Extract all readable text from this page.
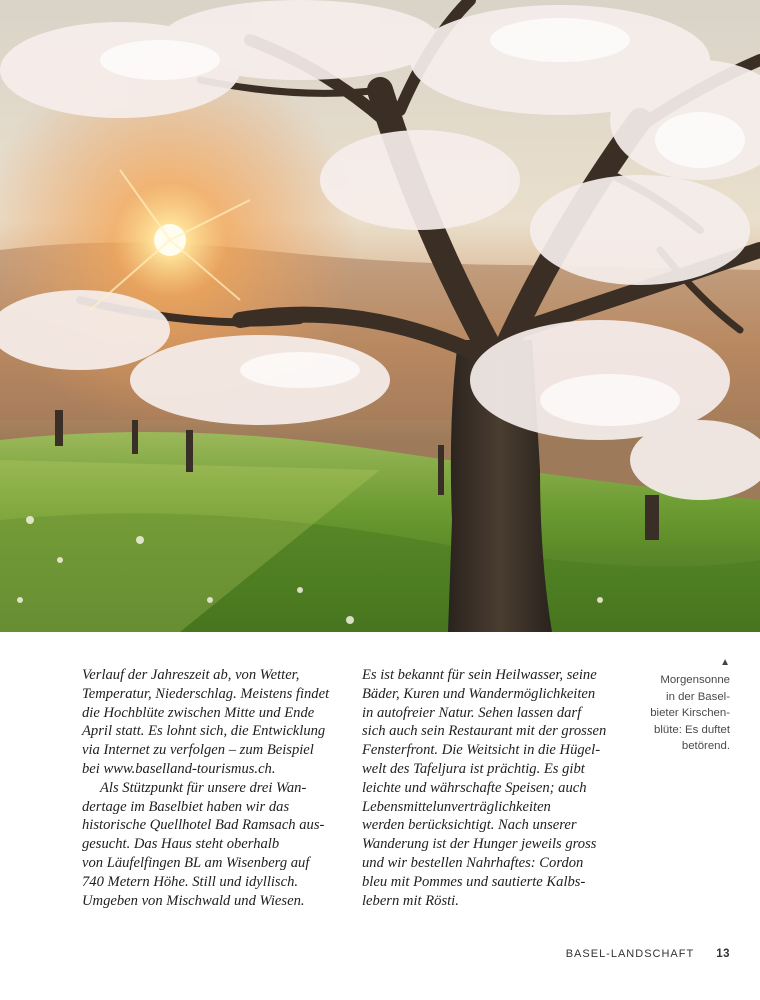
Verlauf der Jahreszeit ab, von Wetter,
Temperatur, Niederschlag. Meistens findet
die Hochblüte zwischen Mitte und Ende
April statt. Es lohnt sich, die Entwicklung
via Internet zu verfolgen – zum Beispiel
bei www.baselland-tourismus.ch.

Als Stützpunkt für unsere drei Wan-
dertage im Baselbiet haben wir das
historische Quellhotel Bad Ramsach aus-
gesucht. Das Haus steht oberhalb
von Läufelfingen BL am Wisenberg auf
740 Metern Höhe. Still und idyllisch.
Umgeben von Mischwald und Wiesen.

Es ist bekannt für sein Heilwasser, seine
Bäder, Kuren und Wandermöglichkeiten
in autofreier Natur. Sehen lassen darf
sich auch sein Restaurant mit der grossen
Fensterfront. Die Weitsicht in die Hügel-
welt des Tafeljura ist prächtig. Es gibt
leichte und währschafte Speisen; auch
Lebensmittelunverträglichkeiten
werden berücksichtigt. Nach unserer
Wanderung ist der Hunger jeweils gross
und wir bestellen Nahrhaftes: Cordon
bleu mit Pommes und sautierte Kalbs-
lebern mit Rösti.

▲
Morgensonne
in der Basel-
bieter Kirschen-
blüte: Es duftet
betörend.
BASEL-LANDSCHAFT 13
